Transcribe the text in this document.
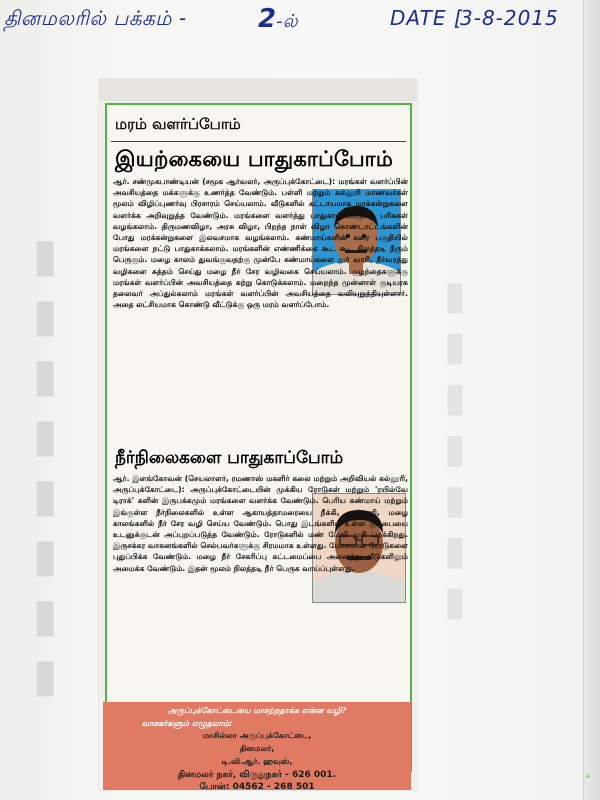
▮▮▮▮▮▮▮▮	▮▮▮▮▮▮▮
தினமலரில் பக்கம் -	2-ல்	DATE [
3-8-2015
மரம் வளர்ப்போம்
இயற்கையை பாதுகாப்போம்

ஆர். சண்முகபாண்டியன் (சமூக ஆர்வலர், அருப்புக்கோட்டை): மரங்கள் வளர்ப்பின் அவசியத்தை மக்களுக்கு உணர்த்த வேண்டும். பள்ளி மற்றும் கல்லூரி மாணவர்கள் மூலம் விழிப்புணர்வு பிரசாரம் செய்யலாம். வீடுகளில் கட்டாயமாக மரக்கன்றுகளை வளர்க்க அறிவுறுத்த வேண்டும். மரங்களை வளர்த்து பாதுகாப்போருக்கு பரிசுகள் வழங்கலாம். திருமணவிழா, அரசு விழா, பிறந்த நாள் விழா கொண்டாட்டங்களின் போது மரக்கன்றுகளை இலவசமாக வழங்கலாம். கண்மாய்களின் கரை பகுதியில் மரங்களை நட்டு பாதுகாக்கலாம். மரங்களின் எண்ணிக்கை கூட கூட நிலத்தடி நீரும் பெருகும். மழை காலம் துவங்குவதற்கு முன்பே கண்மாய்களை தூர் வாரி, நீர்வரத்து வழிகளை சுத்தம் செய்து மழை நீர் சேர வழிவகை செய்யலாம். குழந்தைகளுக்கு மரங்கள் வளர்ப்பின் அவசியத்தை கற்று கொடுக்கலாம். மறைந்த முன்னாள் குடியரசு தலைவர் அப்துல்கலாம் மரங்கள் வளர்ப்பின் அவசியத்தை வலியுறுத்தியுள்ளார். அதை லட்சியமாக கொண்டு வீட்டுக்கு ஒரு மரம் வளர்ப்போம்.

நீர்நிலைகளை பாதுகாப்போம்

ஆர். இளங்கோவன் (செயலாளர், ரமணாஸ் மகளிர் கலை மற்றும் அறிவியல் கல்லூரி, அருப்புக்கோட்டை): அருப்புக்கோட்டையின் முக்கிய ரோடுகள் மற்றும் 'ரயில்வே டிராக்' களின் இருபக்கமும் மரங்களை வளர்க்க வேண்டும். பெரிய கண்மாய் மற்றும் இங்குள்ள நீர்நிலைகளில் உள்ள ஆகாயத்தாமரையை நீக்கி, தூர்வாரி, மழை காலங்களில் நீர் சேர வழி செய்ய வேண்டும். பொது இடங்களில் உள்ள குப்பையை உடனுக்குடன் அப்புறப்படுத்த வேண்டும். ரோடுகளில் மண் மேவி தூசி பறக்கிறது. இருசக்கர வாகனங்களில் செல்பவர்களுக்கு சிரமமாக உள்ளது. மோசமான ரோடுகளை புதுப்பிக்க வேண்டும். மழை நீர் சேகரிப்பு கட்டமைப்பை அனைத்து வீடுகளிலும் அமைக்க வேண்டும். இதன் மூலம் நிலத்தடி நீர் பெருக வாய்ப்புள்ளது.

அருப்புக்கோட்டையை மாசற்றதாக்க என்ன வழி?
வாசகர்களும் எழுதலாம்:
மாசில்லா அருப்புக்கோட்டை,
தினமலர்,
டி.வி.ஆர். ஹவுஸ்,
தினமலர் நகர், விருதுநகர் - 626 001.
போன்: 04562 - 268 501
ꜟꜟ
